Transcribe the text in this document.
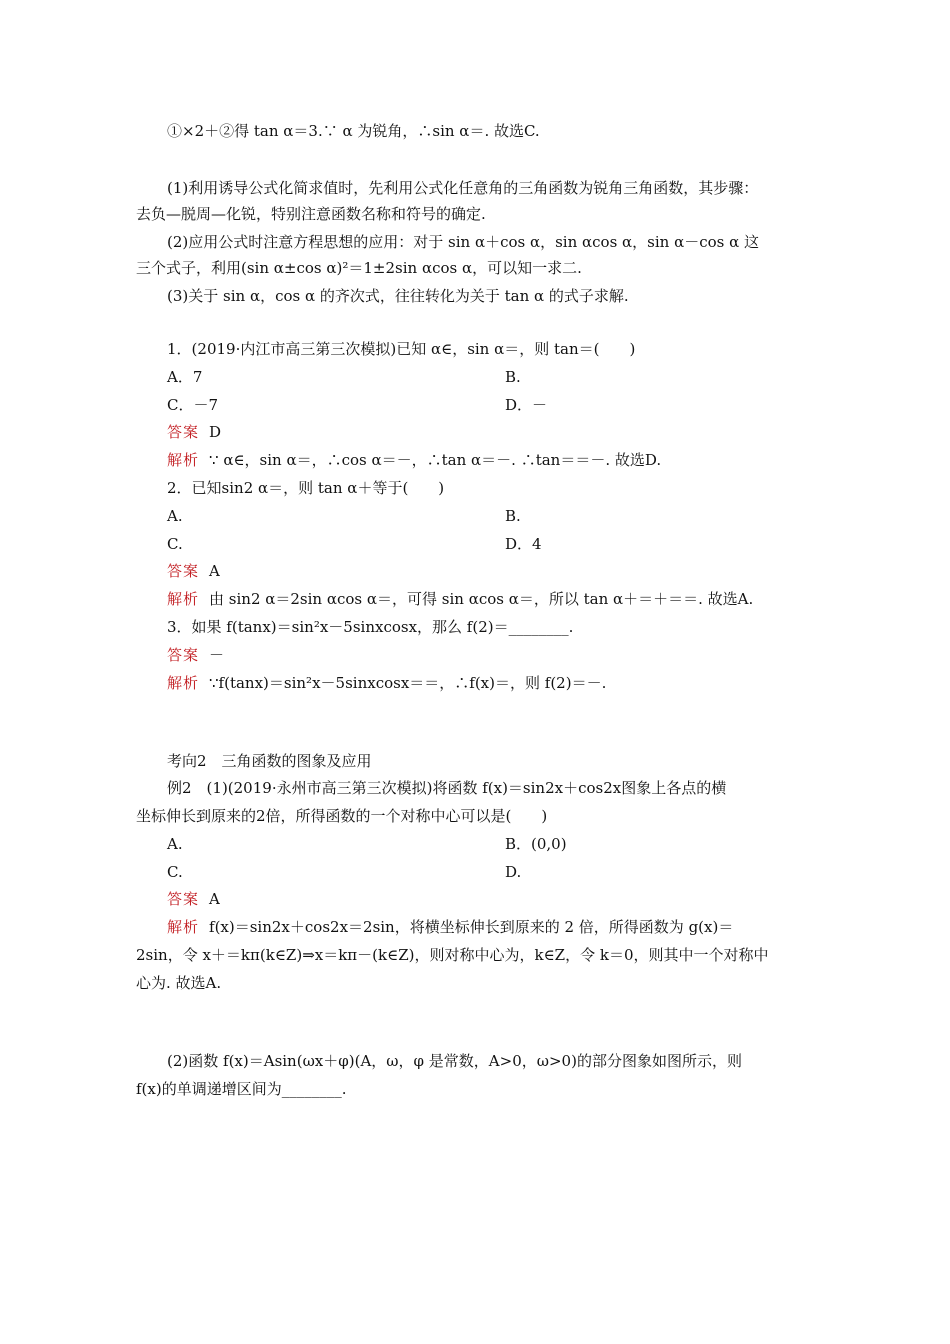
①×2＋②得 tan α＝3.∵ α 为锐角，∴sin α＝. 故选C.
(1)利用诱导公式化简求值时，先利用公式化任意角的三角函数为锐角三角函数，其步骤：
去负—脱周—化锐，特别注意函数名称和符号的确定.
(2)应用公式时注意方程思想的应用：对于 sin α＋cos α，sin αcos α，sin α－cos α 这
三个式子，利用(sin α±cos α)²＝1±2sin αcos α，可以知一求二.
(3)关于 sin α，cos α 的齐次式，往往转化为关于 tan α 的式子求解.
1．(2019·内江市高三第三次模拟)已知 α∈，sin α＝，则 tan＝(　　)
A．7	B.
C．－7	D．－
答案 D
解析 ∵ α∈，sin α＝，∴cos α＝－，∴tan α＝－. ∴tan＝＝－. 故选D.
2．已知sin2 α＝，则 tan α＋等于(　　)
A.	B.
C.	D．4
答案 A
解析 由 sin2 α＝2sin αcos α＝，可得 sin αcos α＝，所以 tan α＋＝＋＝＝. 故选A.
3．如果 f(tanx)＝sin²x－5sinxcosx，那么 f(2)＝________.
答案 －
解析 ∵f(tanx)＝sin²x－5sinxcosx＝＝，∴f(x)＝，则 f(2)＝－.
考向2　三角函数的图象及应用
例2　(1)(2019·永州市高三第三次模拟)将函数 f(x)＝sin2x＋cos2x图象上各点的横
坐标伸长到原来的2倍，所得函数的一个对称中心可以是(　　)
A.	B．(0,0)
C.	D.
答案 A
解析 f(x)＝sin2x＋cos2x＝2sin，将横坐标伸长到原来的 2 倍，所得函数为 g(x)＝
2sin，令 x＋＝kπ(k∈Z)⇒x＝kπ－(k∈Z)，则对称中心为，k∈Z，令 k＝0，则其中一个对称中
心为. 故选A.
(2)函数 f(x)＝Asin(ωx＋φ)(A，ω，φ 是常数，A>0，ω>0)的部分图象如图所示，则
f(x)的单调递增区间为________.
